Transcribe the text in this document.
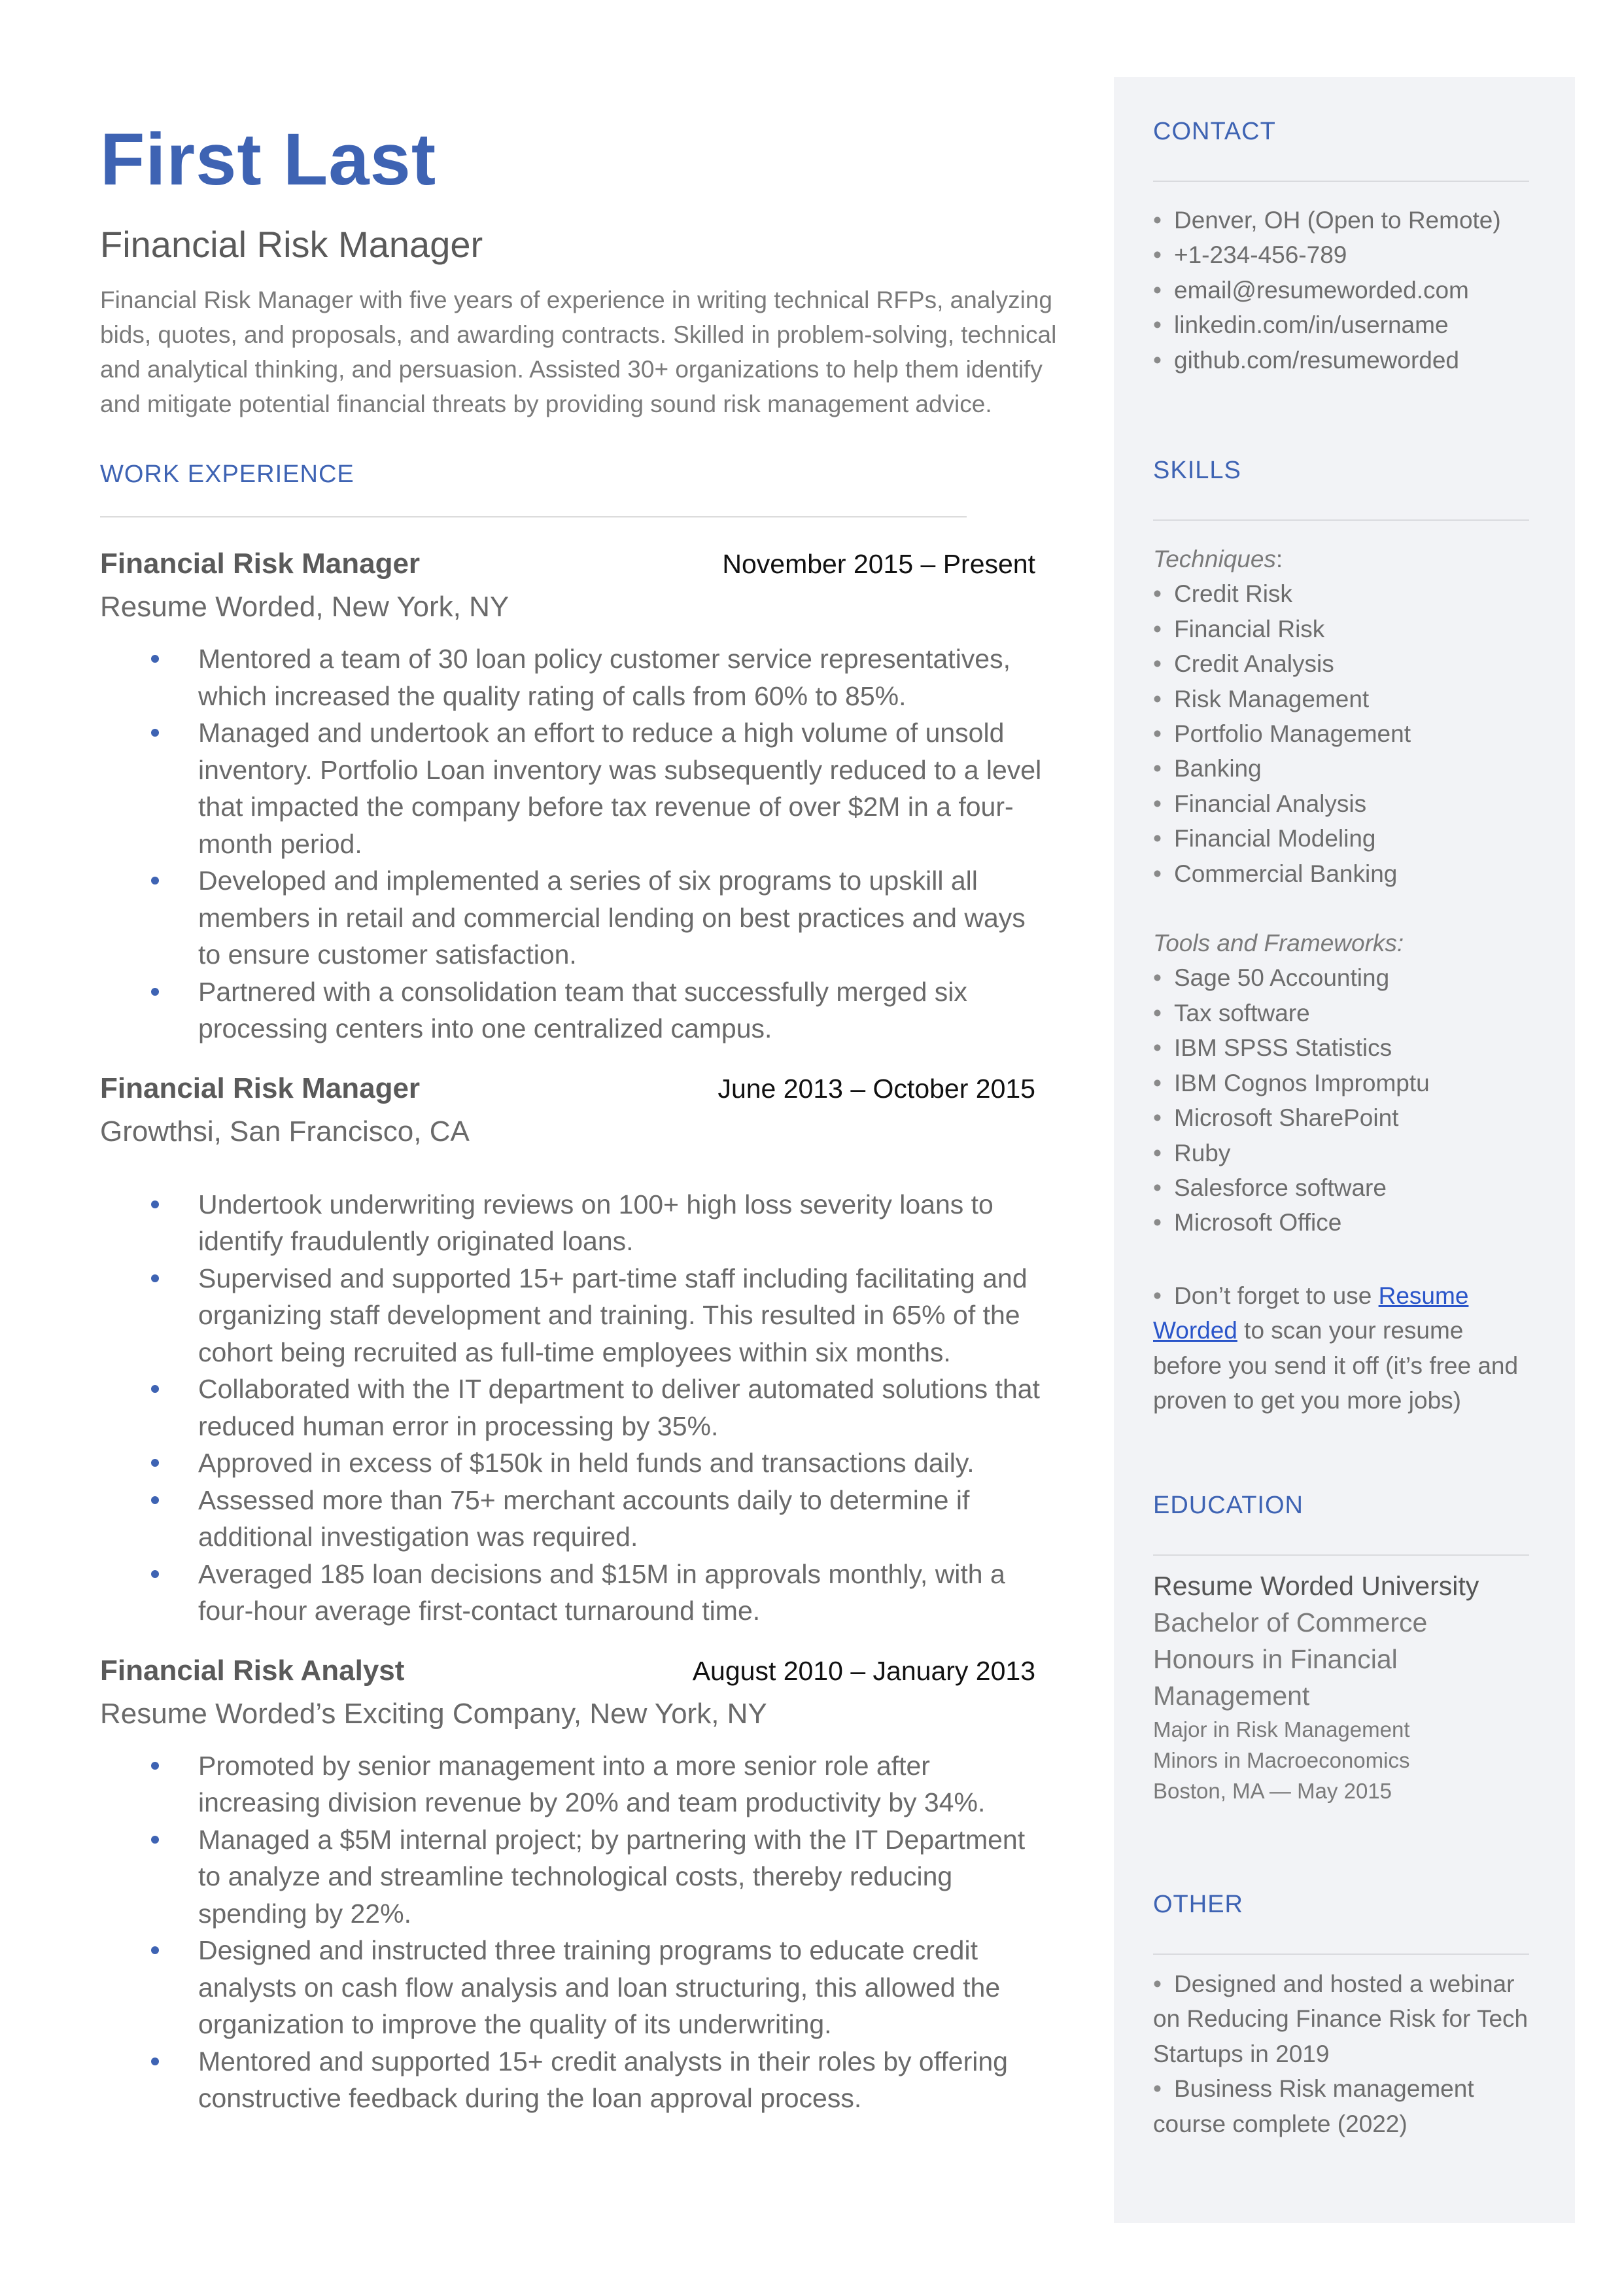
First Last
Financial Risk Manager
Financial Risk Manager with five years of experience in writing technical RFPs, analyzing bids, quotes, and proposals, and awarding contracts. Skilled in problem-solving, technical and analytical thinking, and persuasion. Assisted 30+ organizations to help them identify and mitigate potential financial threats by providing sound risk management advice.
WORK EXPERIENCE
Financial Risk Manager	November 2015 – Present
Resume Worded, New York, NY
Mentored a team of 30 loan policy customer service representatives, which increased the quality rating of calls from 60% to 85%.
Managed and undertook an effort to reduce a high volume of unsold inventory. Portfolio Loan inventory was subsequently reduced to a level that impacted the company before tax revenue of over $2M in a four-month period.
Developed and implemented a series of six programs to upskill all members in retail and commercial lending on best practices and ways to ensure customer satisfaction.
Partnered with a consolidation team that successfully merged six processing centers into one centralized campus.
Financial Risk Manager	June 2013 – October 2015
Growthsi, San Francisco, CA
Undertook underwriting reviews on 100+ high loss severity loans to identify fraudulently originated loans.
Supervised and supported 15+ part-time staff including facilitating and organizing staff development and training. This resulted in 65% of the cohort being recruited as full-time employees within six months.
Collaborated with the IT department to deliver automated solutions that reduced human error in processing by 35%.
Approved in excess of $150k in held funds and transactions daily.
Assessed more than 75+ merchant accounts daily to determine if additional investigation was required.
Averaged 185 loan decisions and $15M in approvals monthly, with a four-hour average first-contact turnaround time.
Financial Risk Analyst	August 2010 – January 2013
Resume Worded’s Exciting Company, New York, NY
Promoted by senior management into a more senior role after increasing division revenue by 20% and team productivity by 34%.
Managed a $5M internal project; by partnering with the IT Department to analyze and streamline technological costs, thereby reducing spending by 22%.
Designed and instructed three training programs to educate credit analysts on cash flow analysis and loan structuring, this allowed the organization to improve the quality of its underwriting.
Mentored and supported 15+ credit analysts in their roles by offering constructive feedback during the loan approval process.
CONTACT
• Denver, OH (Open to Remote)
• +1-234-456-789
• email@resumeworded.com
• linkedin.com/in/username
• github.com/resumeworded
SKILLS
Techniques:
• Credit Risk
• Financial Risk
• Credit Analysis
• Risk Management
• Portfolio Management
• Banking
• Financial Analysis
• Financial Modeling
• Commercial Banking
Tools and Frameworks:
• Sage 50 Accounting
• Tax software
• IBM SPSS Statistics
• IBM Cognos Impromptu
• Microsoft SharePoint
• Ruby
• Salesforce software
• Microsoft Office
• Don’t forget to use Resume Worded to scan your resume before you send it off (it’s free and proven to get you more jobs)
EDUCATION
Resume Worded University
Bachelor of Commerce Honours in Financial Management
Major in Risk Management
Minors in Macroeconomics
Boston, MA — May 2015
OTHER
• Designed and hosted a webinar on Reducing Finance Risk for Tech Startups in 2019
• Business Risk management course complete (2022)
